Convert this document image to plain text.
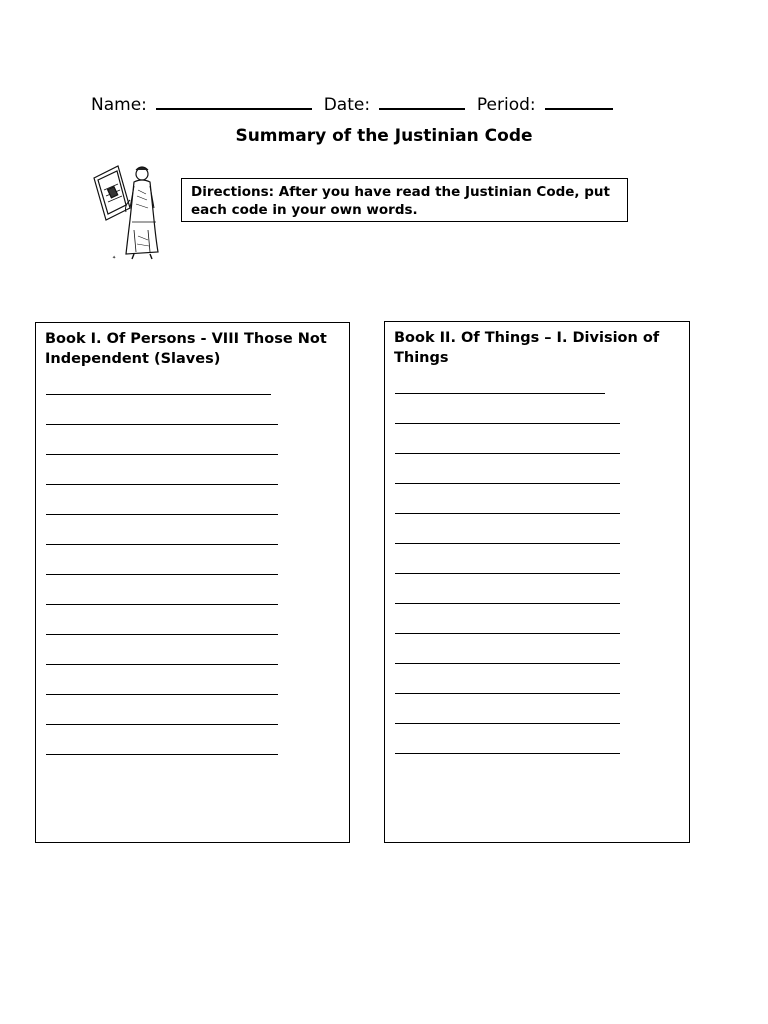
Name:	Date:	Period:
Summary of the Justinian Code
✦
Directions: After you have read the Justinian Code, put each code in your own words.
Book I. Of Persons - VIII Those Not Independent (Slaves)
Book II. Of Things – I. Division of Things
